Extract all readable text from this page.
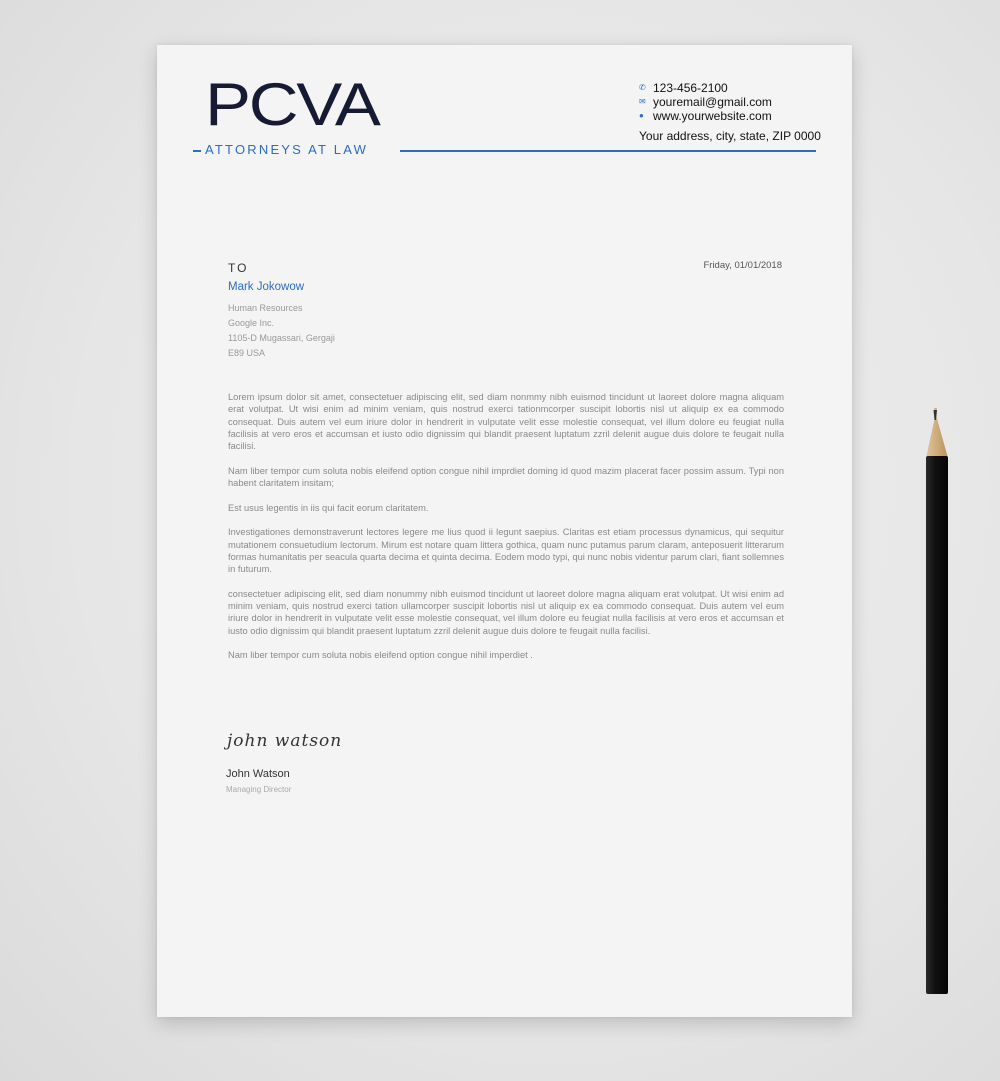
PCVA
ATTORNEYS AT LAW
✆ 123-456-2100
✉ youremail@gmail.com
● www.yourwebsite.com
Your address, city, state, ZIP 0000
TO	Friday, 01/01/2018
Mark Jokowow
Human Resources
Google Inc.
1105-D Mugassari, Gergaji
E89 USA

Lorem ipsum dolor sit amet, consectetuer adipiscing elit, sed diam nonmmy nibh euismod tincidunt ut laoreet dolore magna aliquam erat volutpat. Ut wisi enim ad minim veniam, quis nostrud exerci tationmcorper suscipit lobortis nisl ut aliquip ex ea commodo consequat. Duis autem vel eum iriure dolor in hendrerit in vulputate velit esse molestie consequat, vel illum dolore eu feugiat nulla facilisis at vero eros et accumsan et iusto odio dignissim qui blandit praesent luptatum zzril delenit augue duis dolore te feugait nulla facilisi.

Nam liber tempor cum soluta nobis eleifend option congue nihil imprdiet doming id quod mazim placerat facer possim assum. Typi non habent claritatem insitam;

Est usus legentis in iis qui facit eorum claritatem.

Investigationes demonstraverunt lectores legere me lius quod ii legunt saepius. Claritas est etiam processus dynamicus, qui sequitur mutationem consuetudium lectorum. Mirum est notare quam littera gothica, quam nunc putamus parum claram, anteposuerit litterarum formas humanitatis per seacula quarta decima et quinta decima. Eodem modo typi, qui nunc nobis videntur parum clari, fiant sollemnes in futurum.

consectetuer adipiscing elit, sed diam nonummy nibh euismod tincidunt ut laoreet dolore magna aliquam erat volutpat. Ut wisi enim ad minim veniam, quis nostrud exerci tation ullamcorper suscipit lobortis nisl ut aliquip ex ea commodo consequat. Duis autem vel eum iriure dolor in hendrerit in vulputate velit esse molestie consequat, vel illum dolore eu feugiat nulla facilisis at vero eros et accumsan et iusto odio dignissim qui blandit praesent luptatum zzril delenit augue duis dolore te feugait nulla facilisi.

Nam liber tempor cum soluta nobis eleifend option congue nihil imperdiet .

john watson
John Watson
Managing Director
